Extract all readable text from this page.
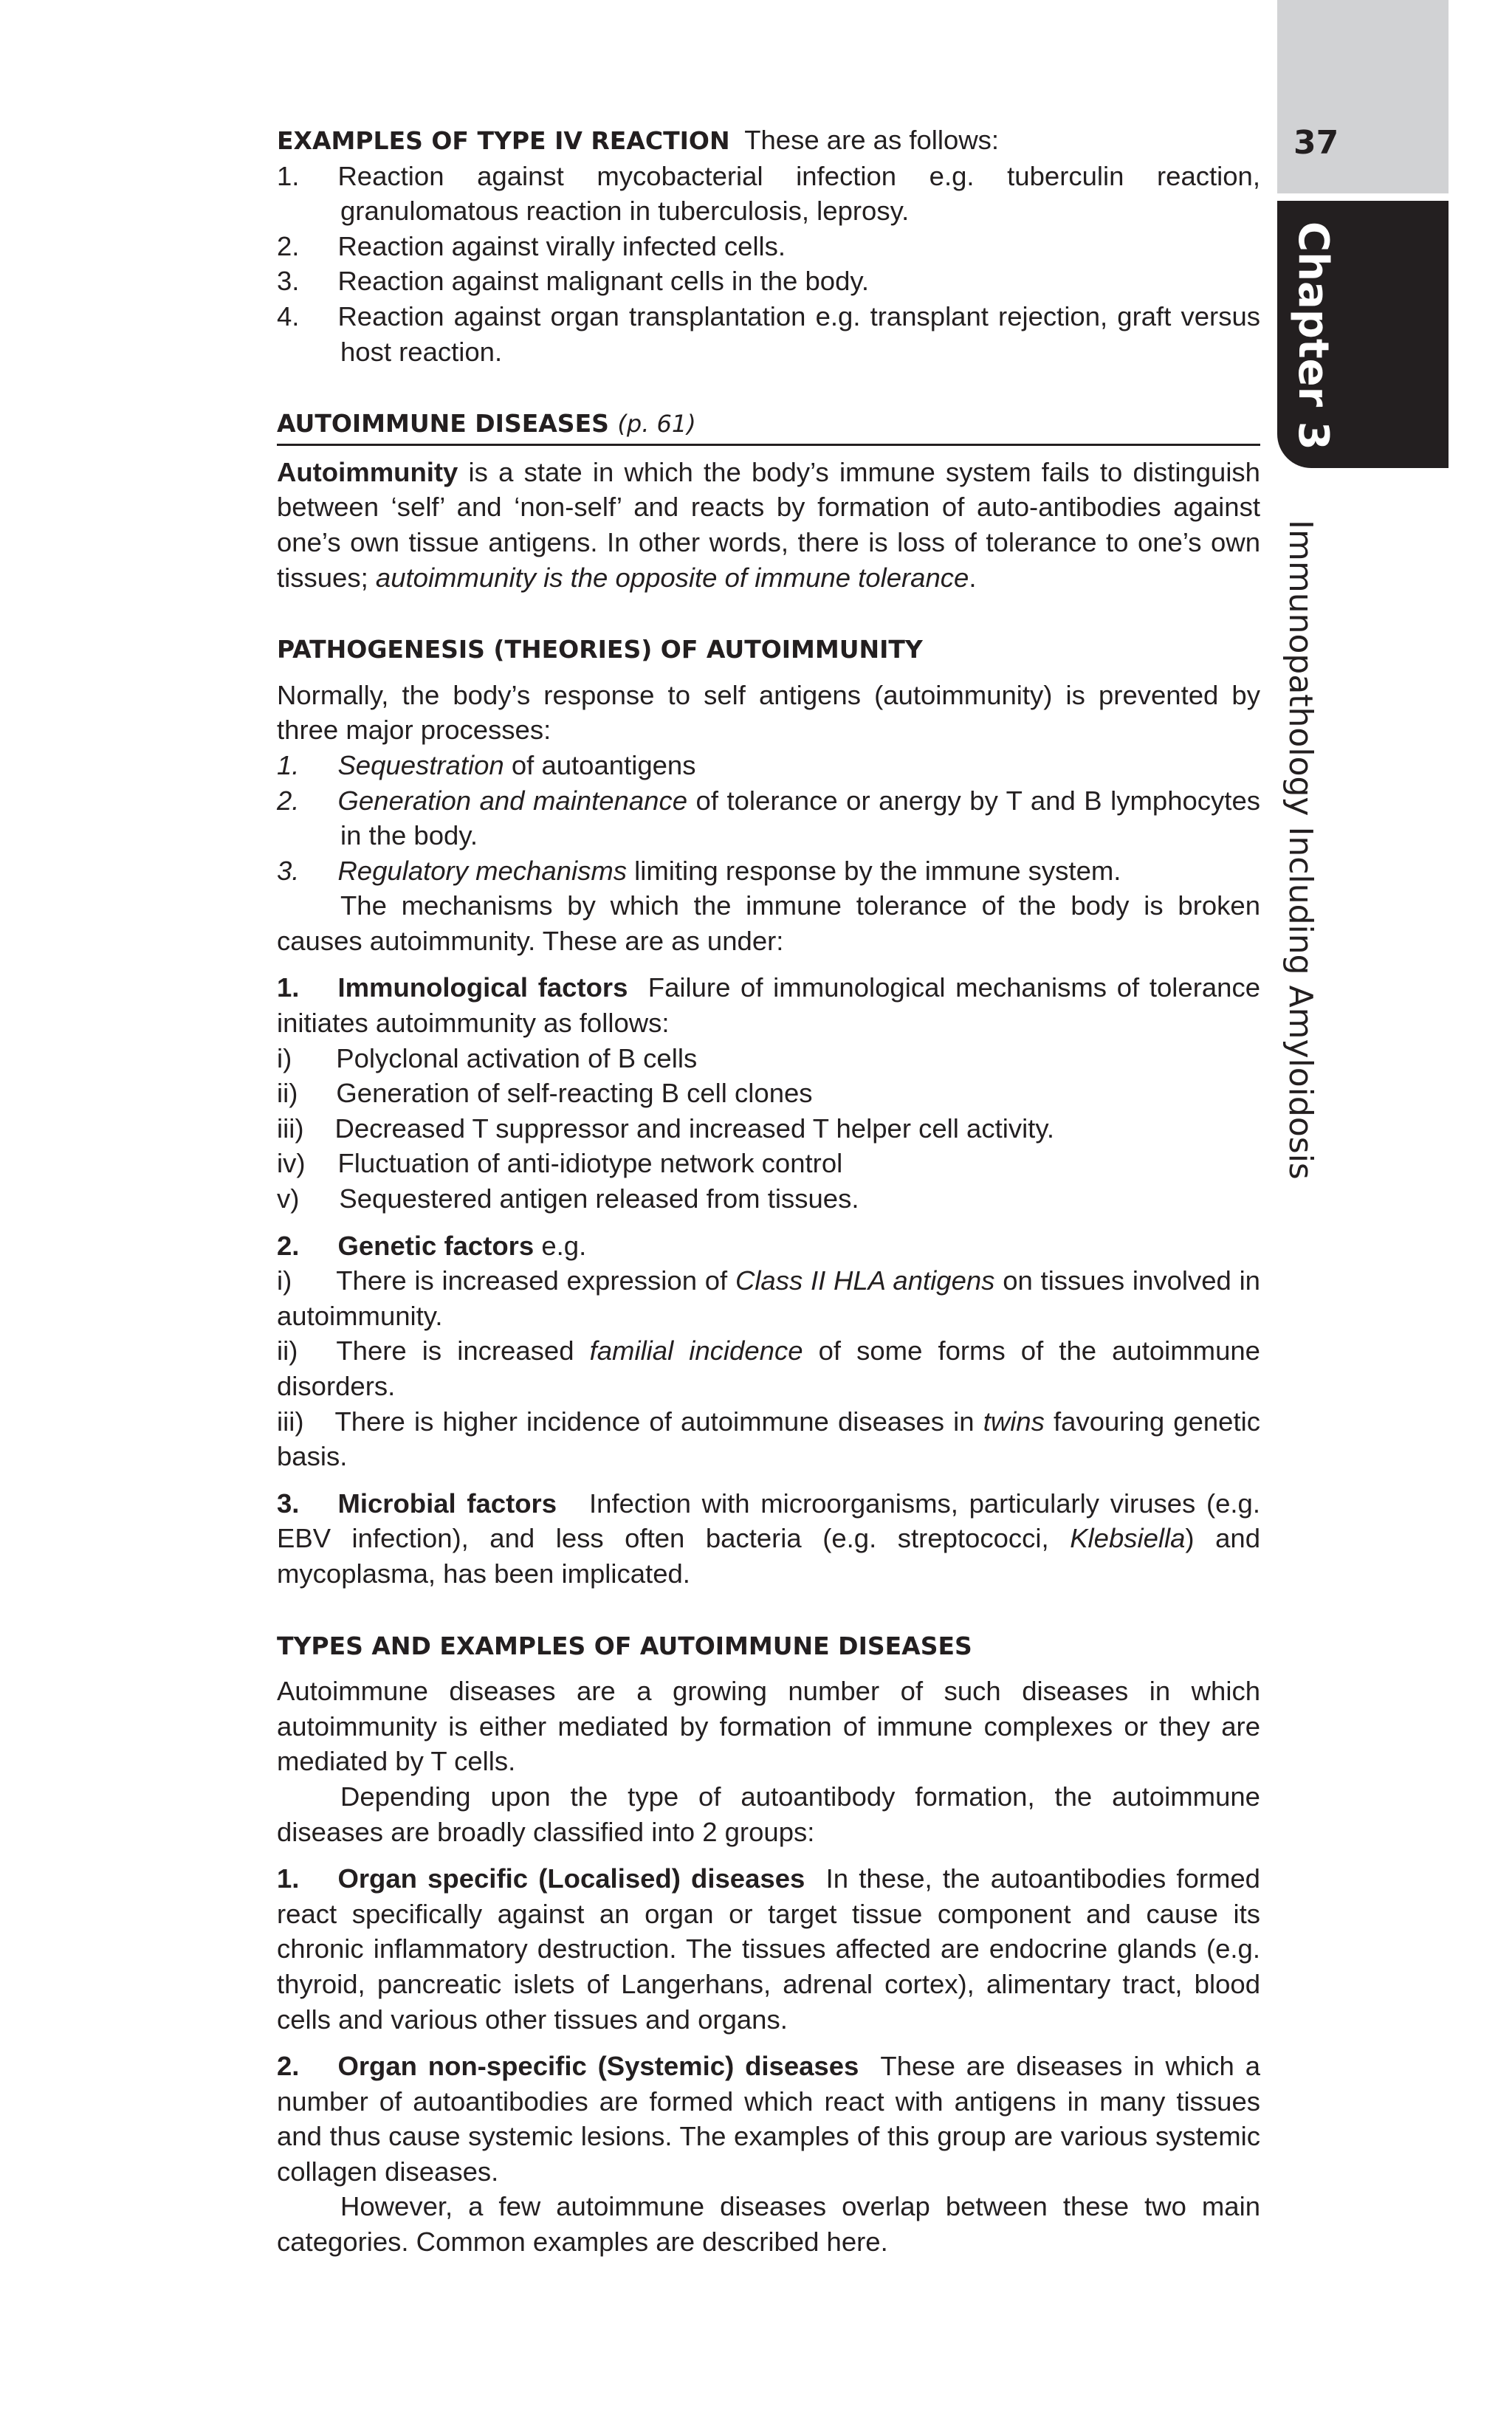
37
Chapter 3
Immunopathology Including Amyloidosis

EXAMPLES OF TYPE IV REACTION These are as follows:

1. Reaction against mycobacterial infection e.g. tuberculin reaction, granulomatous reaction in tuberculosis, leprosy.

2. Reaction against virally infected cells.

3. Reaction against malignant cells in the body.

4. Reaction against organ transplantation e.g. transplant rejection, graft versus host reaction.

AUTOIMMUNE DISEASES (p. 61)

Autoimmunity is a state in which the body’s immune system fails to distinguish between ‘self’ and ‘non-self’ and reacts by formation of auto-antibodies against one’s own tissue antigens. In other words, there is loss of tolerance to one’s own tissues; autoimmunity is the opposite of immune tolerance.

PATHOGENESIS (THEORIES) OF AUTOIMMUNITY

Normally, the body’s response to self antigens (autoimmunity) is prevented by three major processes:

1. Sequestration of autoantigens

2. Generation and maintenance of tolerance or anergy by T and B lymphocytes in the body.

3. Regulatory mechanisms limiting response by the immune system.

The mechanisms by which the immune tolerance of the body is broken causes autoimmunity. These are as under:

1. Immunological factors Failure of immunological mechanisms of tolerance initiates autoimmunity as follows:

i) Polyclonal activation of B cells

ii) Generation of self-reacting B cell clones

iii) Decreased T suppressor and increased T helper cell activity.

iv) Fluctuation of anti-idiotype network control

v) Sequestered antigen released from tissues.

2. Genetic factors e.g.

i) There is increased expression of Class II HLA antigens on tissues involved in autoimmunity.

ii) There is increased familial incidence of some forms of the autoimmune disorders.

iii) There is higher incidence of autoimmune diseases in twins favouring genetic basis.

3. Microbial factors Infection with microorganisms, particularly viruses (e.g. EBV infection), and less often bacteria (e.g. streptococci, Klebsiella) and mycoplasma, has been implicated.

TYPES AND EXAMPLES OF AUTOIMMUNE DISEASES

Autoimmune diseases are a growing number of such diseases in which autoimmunity is either mediated by formation of immune complexes or they are mediated by T cells.

Depending upon the type of autoantibody formation, the autoimmune diseases are broadly classified into 2 groups:

1. Organ specific (Localised) diseases In these, the autoantibodies formed react specifically against an organ or target tissue component and cause its chronic inflammatory destruction. The tissues affected are endocrine glands (e.g. thyroid, pancreatic islets of Langerhans, adrenal cortex), alimentary tract, blood cells and various other tissues and organs.

2. Organ non-specific (Systemic) diseases These are diseases in which a number of autoantibodies are formed which react with antigens in many tissues and thus cause systemic lesions. The examples of this group are various systemic collagen diseases.

However, a few autoimmune diseases overlap between these two main categories. Common examples are described here.
